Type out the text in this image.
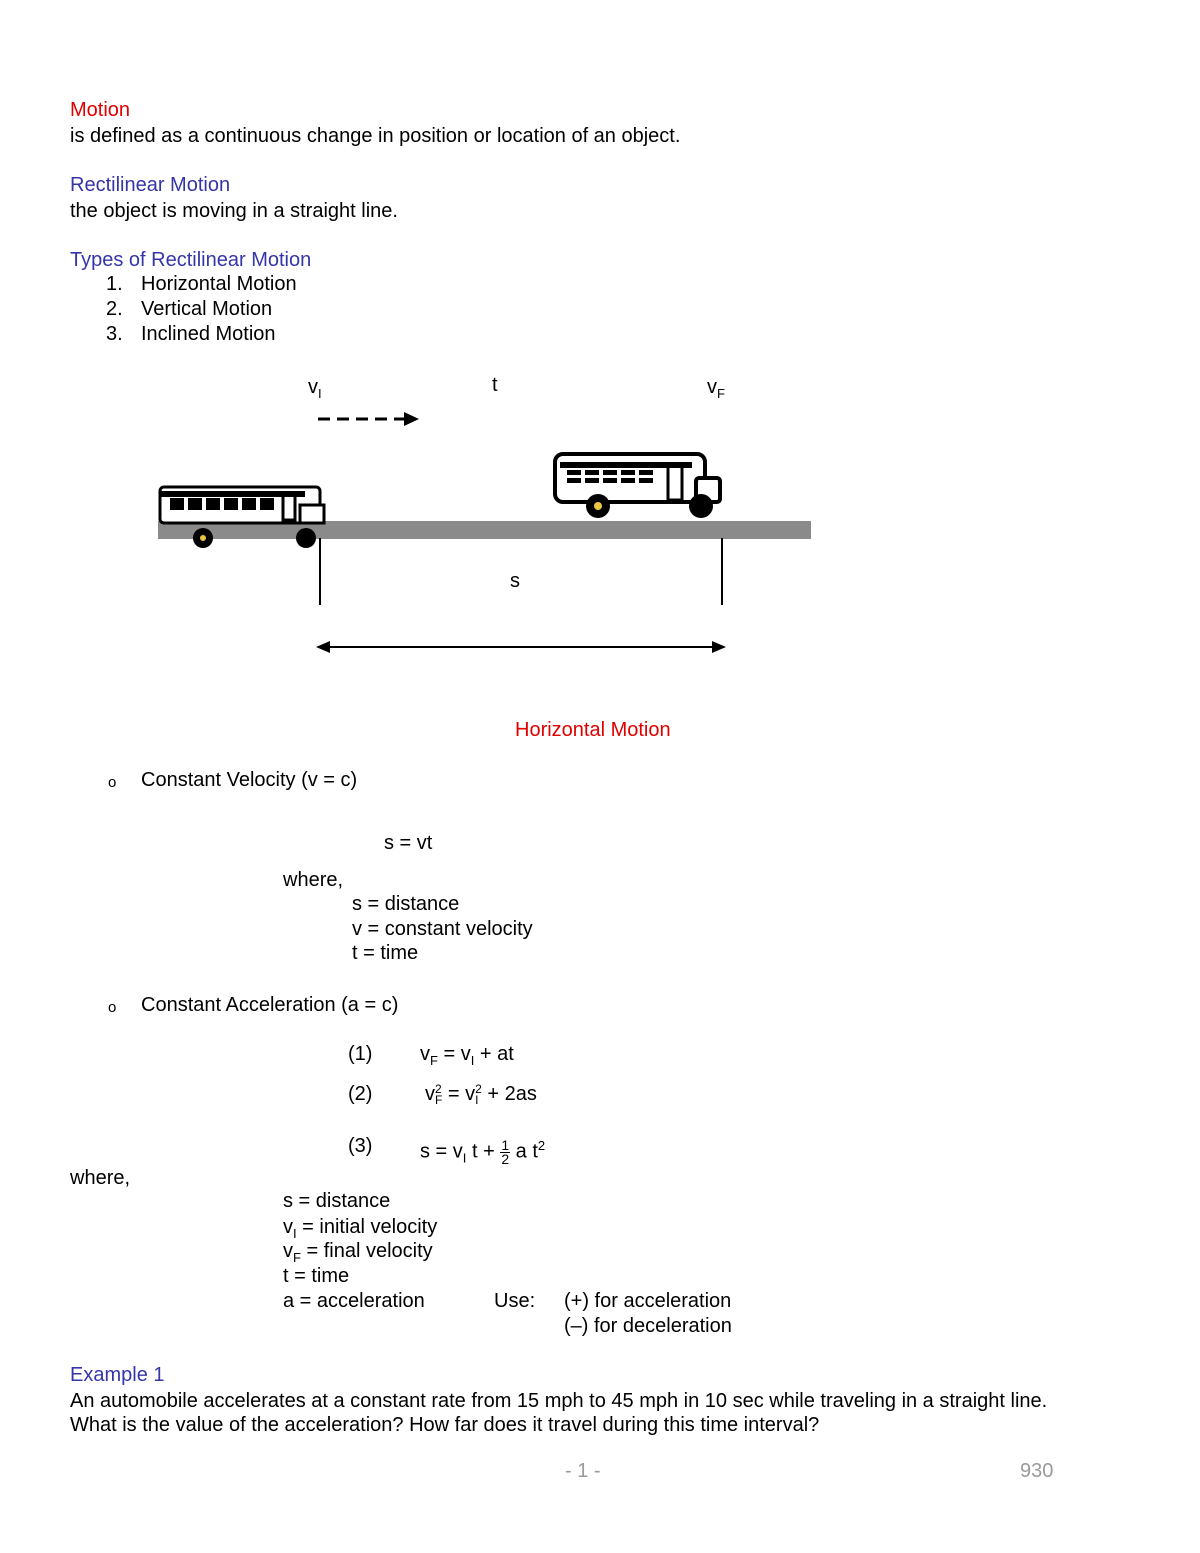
Motion
is defined as a continuous change in position or location of an object.
Rectilinear Motion
the object is moving in a straight line.
Types of Rectilinear Motion
1. Horizontal Motion
2. Vertical Motion
3. Inclined Motion
$v_I$	t	$v_F$
s
Horizontal Motion
o Constant Velocity (v = c)
s = vt
where,
s = distance
v = constant velocity
t = time
o Constant Acceleration (a = c)
(1) $v_F = v_I$ + at
(2)	v 2
F = v 2
I + 2as
(3) $s = v_I$ $t + \frac{1}{2}$ a $t^2$
where,
s = distance
$v_I$ = initial velocity
$v_F$ = final velocity
t = time
a = acceleration	Use: (+) for acceleration
(–) for deceleration
Example 1
An automobile accelerates at a constant rate from 15 mph to 45 mph in 10 sec while traveling in a straight line.
What is the value of the acceleration? How far does it travel during this time interval?
- 1 -	930
